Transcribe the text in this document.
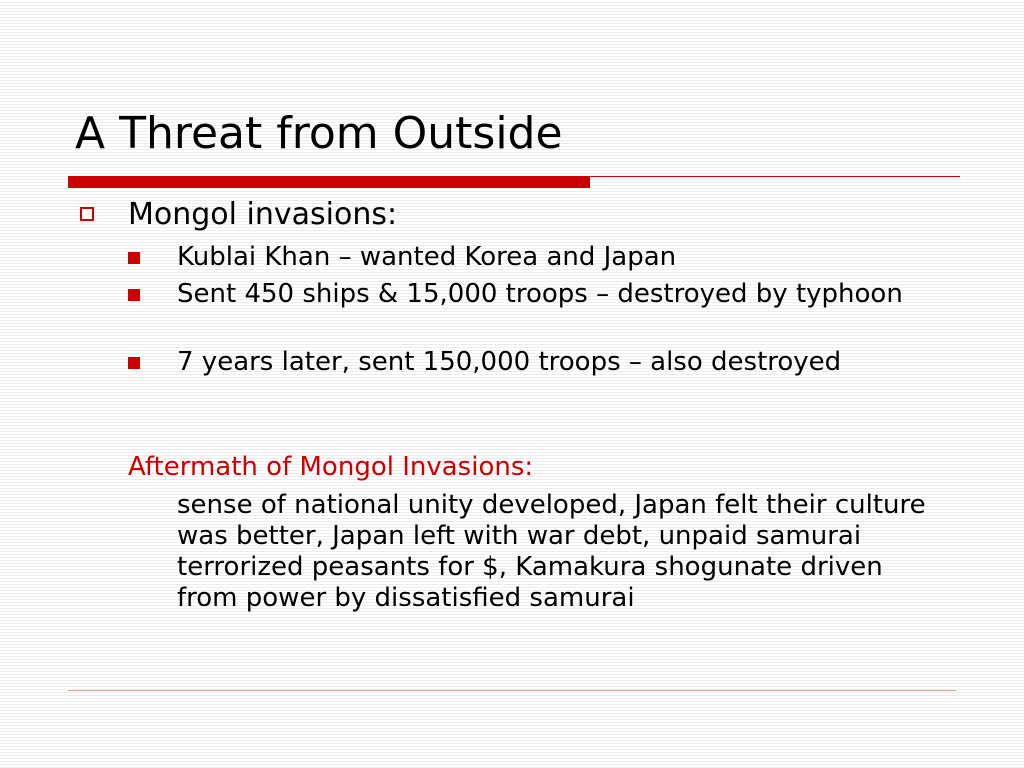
A Threat from Outside
Mongol invasions:
Kublai Khan – wanted Korea and Japan
Sent 450 ships & 15,000 troops – destroyed by typhoon
7 years later, sent 150,000 troops – also destroyed
Aftermath of Mongol Invasions:
sense of national unity developed, Japan felt their culture was better, Japan left with war debt, unpaid samurai terrorized peasants for $, Kamakura shogunate driven from power by dissatisfied samurai
